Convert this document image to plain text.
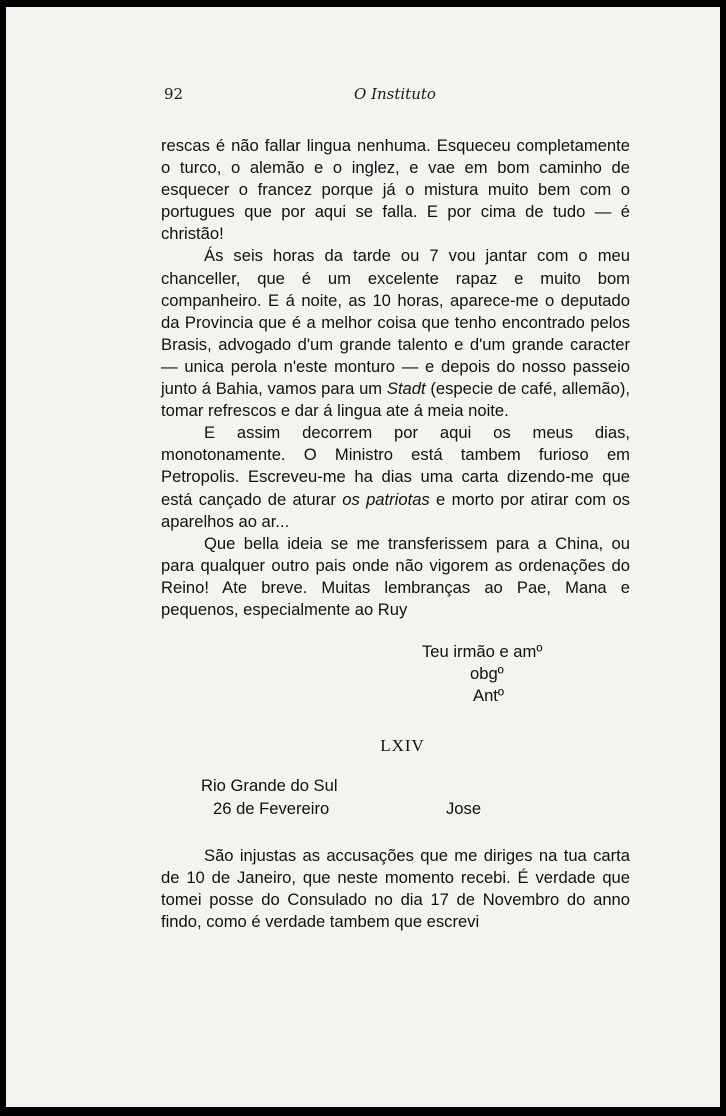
92	O Instituto

rescas é não fallar lingua nenhuma. Esqueceu completamente o turco, o alemão e o inglez, e vae em bom caminho de esquecer o francez porque já o mistura muito bem com o portugues que por aqui se falla. E por cima de tudo — é christão!

Ás seis horas da tarde ou 7 vou jantar com o meu chanceller, que é um excelente rapaz e muito bom companheiro. E á noite, as 10 horas, aparece-me o deputado da Provincia que é a melhor coisa que tenho encontrado pelos Brasis, advogado d'um grande talento e d'um grande caracter — unica perola n'este monturo — e depois do nosso passeio junto á Bahia, vamos para um Stadt (especie de café, allemão), tomar refrescos e dar á lingua ate á meia noite.

E assim decorrem por aqui os meus dias, monotonamente. O Ministro está tambem furioso em Petropolis. Escreveu-me ha dias uma carta dizendo-me que está cançado de aturar os patriotas e morto por atirar com os aparelhos ao ar...

Que bella ideia se me transferissem para a China, ou para qualquer outro pais onde não vigorem as ordenações do Reino! Ate breve. Muitas lembranças ao Pae, Mana e pequenos, especialmente ao Ruy

Teu irmão e amº
obgº
Antº
LXIV
Rio Grande do Sul
26 de Fevereiro	Jose

São injustas as accusações que me diriges na tua carta de 10 de Janeiro, que neste momento recebi. É verdade que tomei posse do Consulado no dia 17 de Novembro do anno findo, como é verdade tambem que escrevi
